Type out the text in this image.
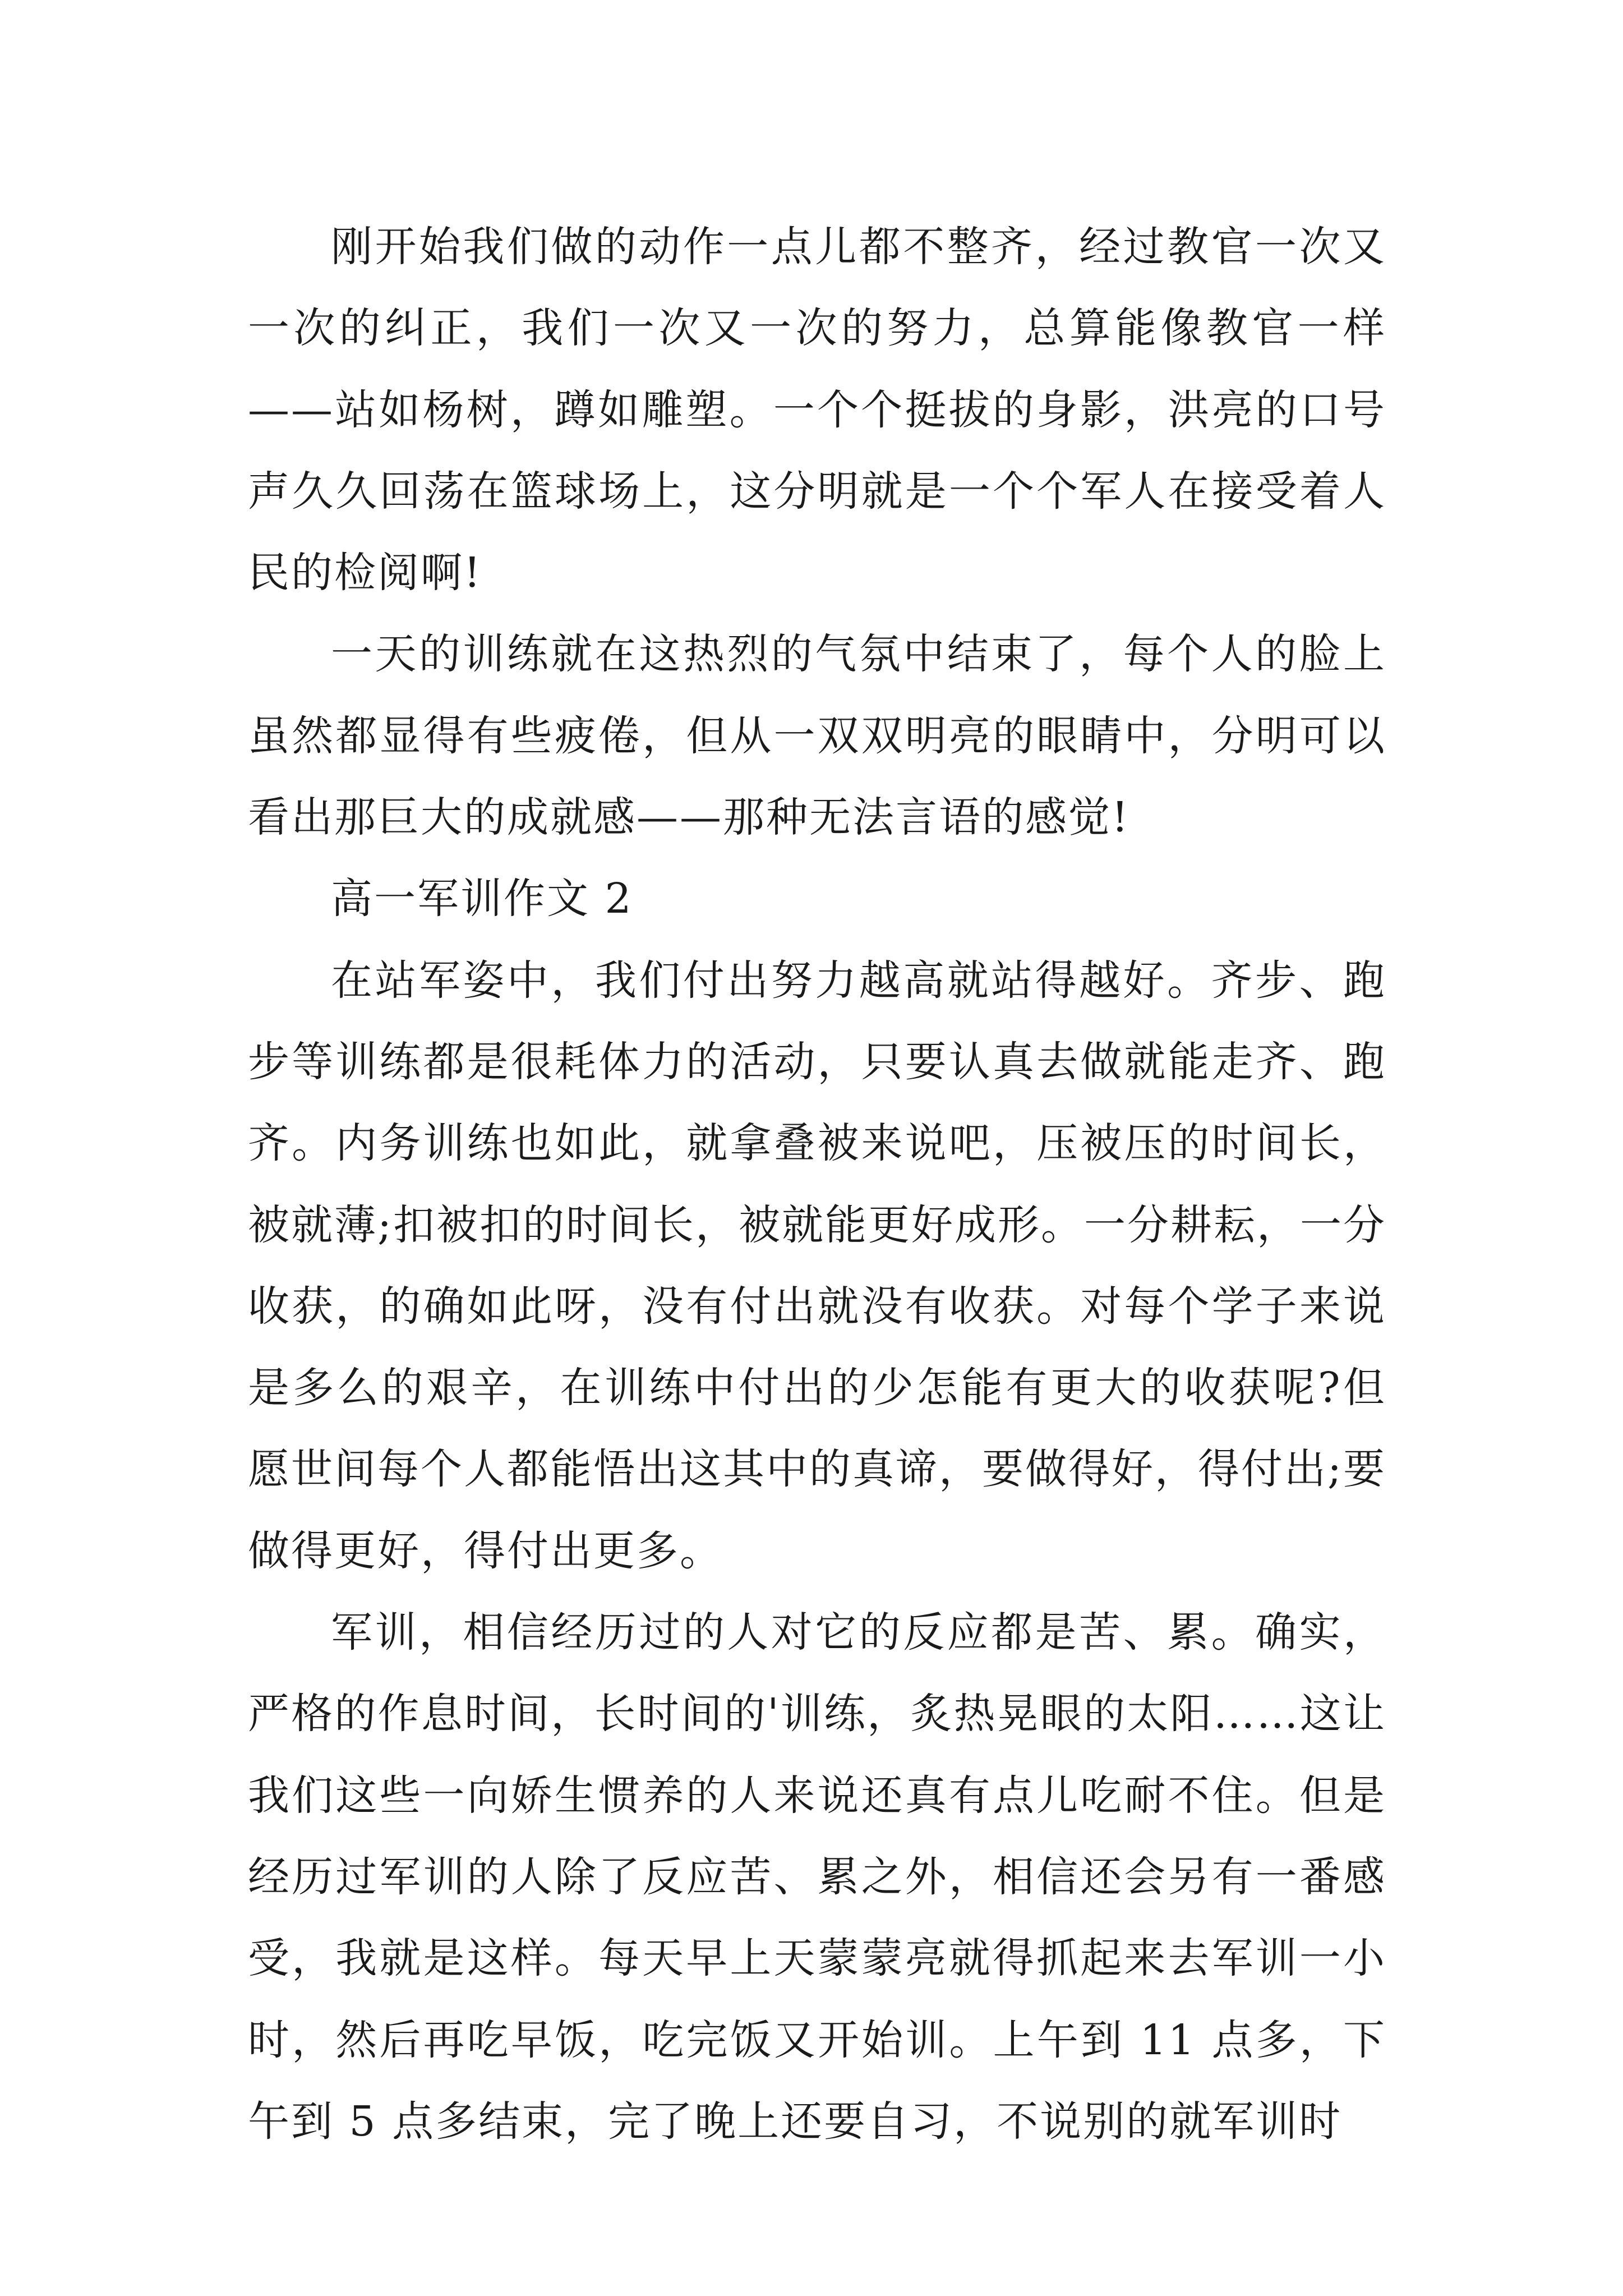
刚开始我们做的动作一点儿都不整齐，经过教官一次又一次的纠正，我们一次又一次的努力，总算能像教官一样——站如杨树，蹲如雕塑。一个个挺拔的身影，洪亮的口号声久久回荡在篮球场上，这分明就是一个个军人在接受着人民的检阅啊!

一天的训练就在这热烈的气氛中结束了，每个人的脸上虽然都显得有些疲倦，但从一双双明亮的眼睛中，分明可以看出那巨大的成就感——那种无法言语的感觉!

高一军训作文 2

在站军姿中，我们付出努力越高就站得越好。齐步、跑步等训练都是很耗体力的活动，只要认真去做就能走齐、跑齐。内务训练也如此，就拿叠被来说吧，压被压的时间长，被就薄;扣被扣的时间长，被就能更好成形。一分耕耘，一分收获，的确如此呀，没有付出就没有收获。对每个学子来说是多么的艰辛，在训练中付出的少怎能有更大的收获呢?但愿世间每个人都能悟出这其中的真谛，要做得好，得付出;要做得更好，得付出更多。

军训，相信经历过的人对它的反应都是苦、累。确实，严格的作息时间，长时间的'训练，炙热晃眼的太阳……这让我们这些一向娇生惯养的人来说还真有点儿吃耐不住。但是经历过军训的人除了反应苦、累之外，相信还会另有一番感受，我就是这样。每天早上天蒙蒙亮就得抓起来去军训一小时，然后再吃早饭，吃完饭又开始训。上午到 11 点多，下午到 5 点多结束，完了晚上还要自习，不说别的就军训时
